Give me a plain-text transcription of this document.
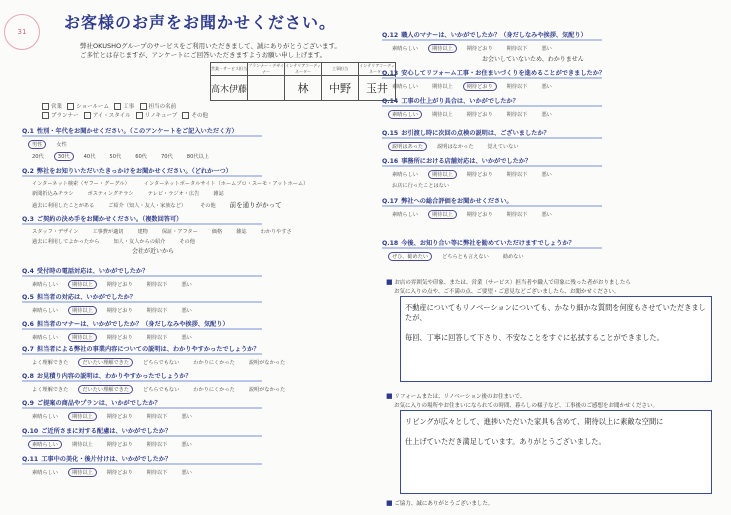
31	お客様のお声をお聞かせください。
弊社OKUSHOグループのサービスをご利用いただきまして、誠にありがとうございます。
ご多忙とは存じますが、アンケートにご回答いただきますようお願い申し上げます。
営業・サービス担当	プランナー・デザイナー	インテリアコーディネーター	工事担当	インテリアコーディネーター
高木伊藤		林	中野	玉井
営業	ショールーム	工事	担当の名前
プランナー	アイ・スタイル	リノキューブ	その他
Q.1 性別・年代をお聞かせください。（このアンケートをご記入いただく方）
男性	女性
20代	30代	40代	50代	60代	70代	80代以上
Q.2 弊社をお知りいただいたきっかけをお聞かせください。（どれか一つ）
インターネット検索（ヤフー・グーグル）	インターネットポータルサイト（ホームプロ・スーモ・アットホーム）
新聞折込みチラシ	ポスティングチラシ	テレビ・ラジオ・広告	雑誌
過去に利用したことがある	ご紹介（知人・友人・家族など）	その他 前を通りがかって
Q.3 ご契約の決め手をお聞かせください。（複数回答可）
スタッフ・デザイン	工事費が適切	建物	保証・アフター	価格	雑誌	わかりやすさ
過去に利用してよかったから	知人・友人からの紹介	その他
会社が近いから
Q.4 受付時の電話対応は、いかがでしたか？
素晴らしい	期待以上	期待どおり	期待以下	悪い
Q.5 担当者の対応は、いかがでしたか？
素晴らしい	期待以上	期待どおり	期待以下	悪い
Q.6 担当者のマナーは、いかがでしたか？（身だしなみや挨拶、気配り）
素晴らしい	期待以上	期待どおり	期待以下	悪い
Q.7 担当者による弊社の事業内容についての説明は、わかりやすかったでしょうか？
よく理解できた	だいたい理解できた	どちらでもない	わかりにくかった	説明がなかった
Q.8 お見積り内容の説明は、わかりやすかったでしょうか？
よく理解できた	だいたい理解できた	どちらでもない	わかりにくかった	説明がなかった
Q.9 ご提案の商品やプランは、いかがでしたか？
素晴らしい	期待以上	期待どおり	期待以下	悪い
Q.10 ご近所さまに対する配慮は、いかがでしたか？
素晴らしい	期待以上	期待どおり	期待以下	悪い
Q.11 工事中の美化・後片付けは、いかがでしたか？
素晴らしい	期待以上	期待どおり	期待以下	悪い
Q.12 職人のマナーは、いかがでしたか？（身だしなみや挨拶、気配り）
素晴らしい	期待以上	期待どおり	期待以下	悪い
お会いしていないため、わかりません
Q.13 安心してリフォーム工事・お住まいづくりを進めることができましたか？
素晴らしい	期待以上	期待どおり	期待以下	悪い
Q.14 工事の仕上がり具合は、いかがでしたか？
素晴らしい	期待以上	期待どおり	期待以下	悪い
Q.15 お引渡し時に次回の点検の説明は、ございましたか？
説明はあった	説明はなかった	覚えていない
Q.16 事務所における店舗対応は、いかがでしたか？
素晴らしい	期待以上	期待どおり	期待以下	悪い
お店に行ったことはない
Q.17 弊社への総合評価をお聞かせください。
素晴らしい	期待以上	期待どおり	期待以下	悪い
Q.18 今後、お知り合い等に弊社を勧めていただけますでしょうか？
ぜひ、勧めたい	どちらとも言えない	勧めない
■ お店の雰囲気や印象、または、営業（サービス）担当者や職人で印象に残った者がおりましたら
お気に入りの点や、ご不満の点、ご要望・ご意見などございましたら、お聞かせください。
不動産についてもリノベーションについても、かなり細かな質問を何度もさせていただきましたが、
毎回、丁寧に回答して下さり、不安なことをすぐに払拭することができました。
■ リフォームまたは、リノベーション後のお住まいで、
お気に入りの場所やお住まいになられての時間、暮らしの様子など、工事後のご感想をお聞かせください。
リビングが広々として、進捗いただいた家具も含めて、期待以上に素敵な空間に
仕上げていただき満足しています。ありがとうございました。
■ ご協力、誠にありがとうございました。
